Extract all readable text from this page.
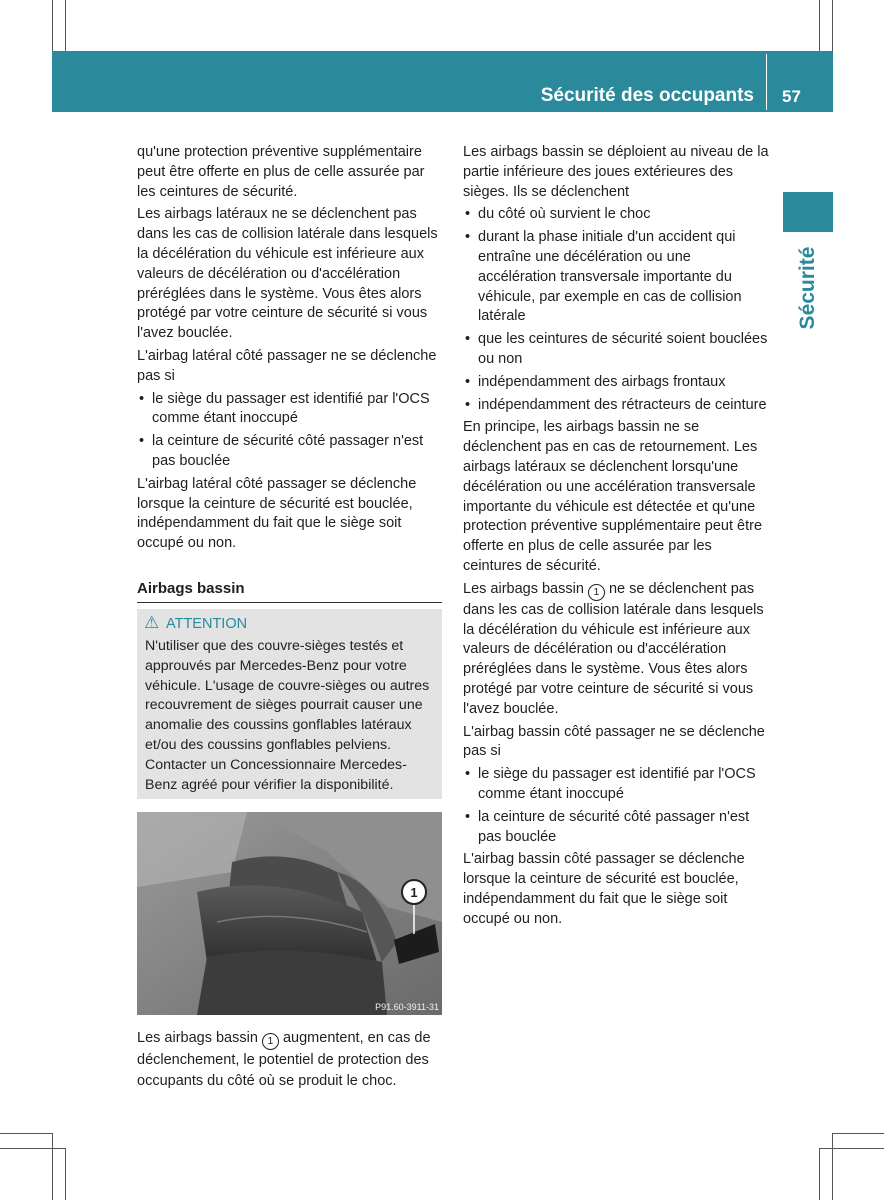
Sécurité des occupants 57
Sécurité

qu'une protection préventive supplémentaire peut être offerte en plus de celle assurée par les ceintures de sécurité.

Les airbags latéraux ne se déclenchent pas dans les cas de collision latérale dans lesquels la décélération du véhicule est inférieure aux valeurs de décélération ou d'accélération préréglées dans le système. Vous êtes alors protégé par votre ceinture de sécurité si vous l'avez bouclée.

L'airbag latéral côté passager ne se déclenche pas si

• le siège du passager est identifié par l'OCS comme étant inoccupé
• la ceinture de sécurité côté passager n'est pas bouclée

L'airbag latéral côté passager se déclenche lorsque la ceinture de sécurité est bouclée, indépendamment du fait que le siège soit occupé ou non.

Airbags bassin
⚠ ATTENTION
N'utiliser que des couvre-sièges testés et approuvés par Mercedes-Benz pour votre véhicule. L'usage de couvre-sièges ou autres recouvrement de sièges pourrait causer une anomalie des coussins gonflables latéraux et/ou des coussins gonflables pelviens. Contacter un Concessionnaire Mercedes-Benz agréé pour vérifier la disponibilité.
1
P91.60-3911-31
Les airbags bassin 1 augmentent, en cas de déclenchement, le potentiel de protection des occupants du côté où se produit le choc.

Les airbags bassin se déploient au niveau de la partie inférieure des joues extérieures des sièges. Ils se déclenchent

• du côté où survient le choc
• durant la phase initiale d'un accident qui entraîne une décélération ou une accélération transversale importante du véhicule, par exemple en cas de collision latérale
• que les ceintures de sécurité soient bouclées ou non
• indépendamment des airbags frontaux
• indépendamment des rétracteurs de ceinture

En principe, les airbags bassin ne se déclenchent pas en cas de retournement. Les airbags latéraux se déclenchent lorsqu'une décélération ou une accélération transversale importante du véhicule est détectée et qu'une protection préventive supplémentaire peut être offerte en plus de celle assurée par les ceintures de sécurité.

Les airbags bassin 1 ne se déclenchent pas dans les cas de collision latérale dans lesquels la décélération du véhicule est inférieure aux valeurs de décélération ou d'accélération préréglées dans le système. Vous êtes alors protégé par votre ceinture de sécurité si vous l'avez bouclée.

L'airbag bassin côté passager ne se déclenche pas si

• le siège du passager est identifié par l'OCS comme étant inoccupé
• la ceinture de sécurité côté passager n'est pas bouclée

L'airbag bassin côté passager se déclenche lorsque la ceinture de sécurité est bouclée, indépendamment du fait que le siège soit occupé ou non.
